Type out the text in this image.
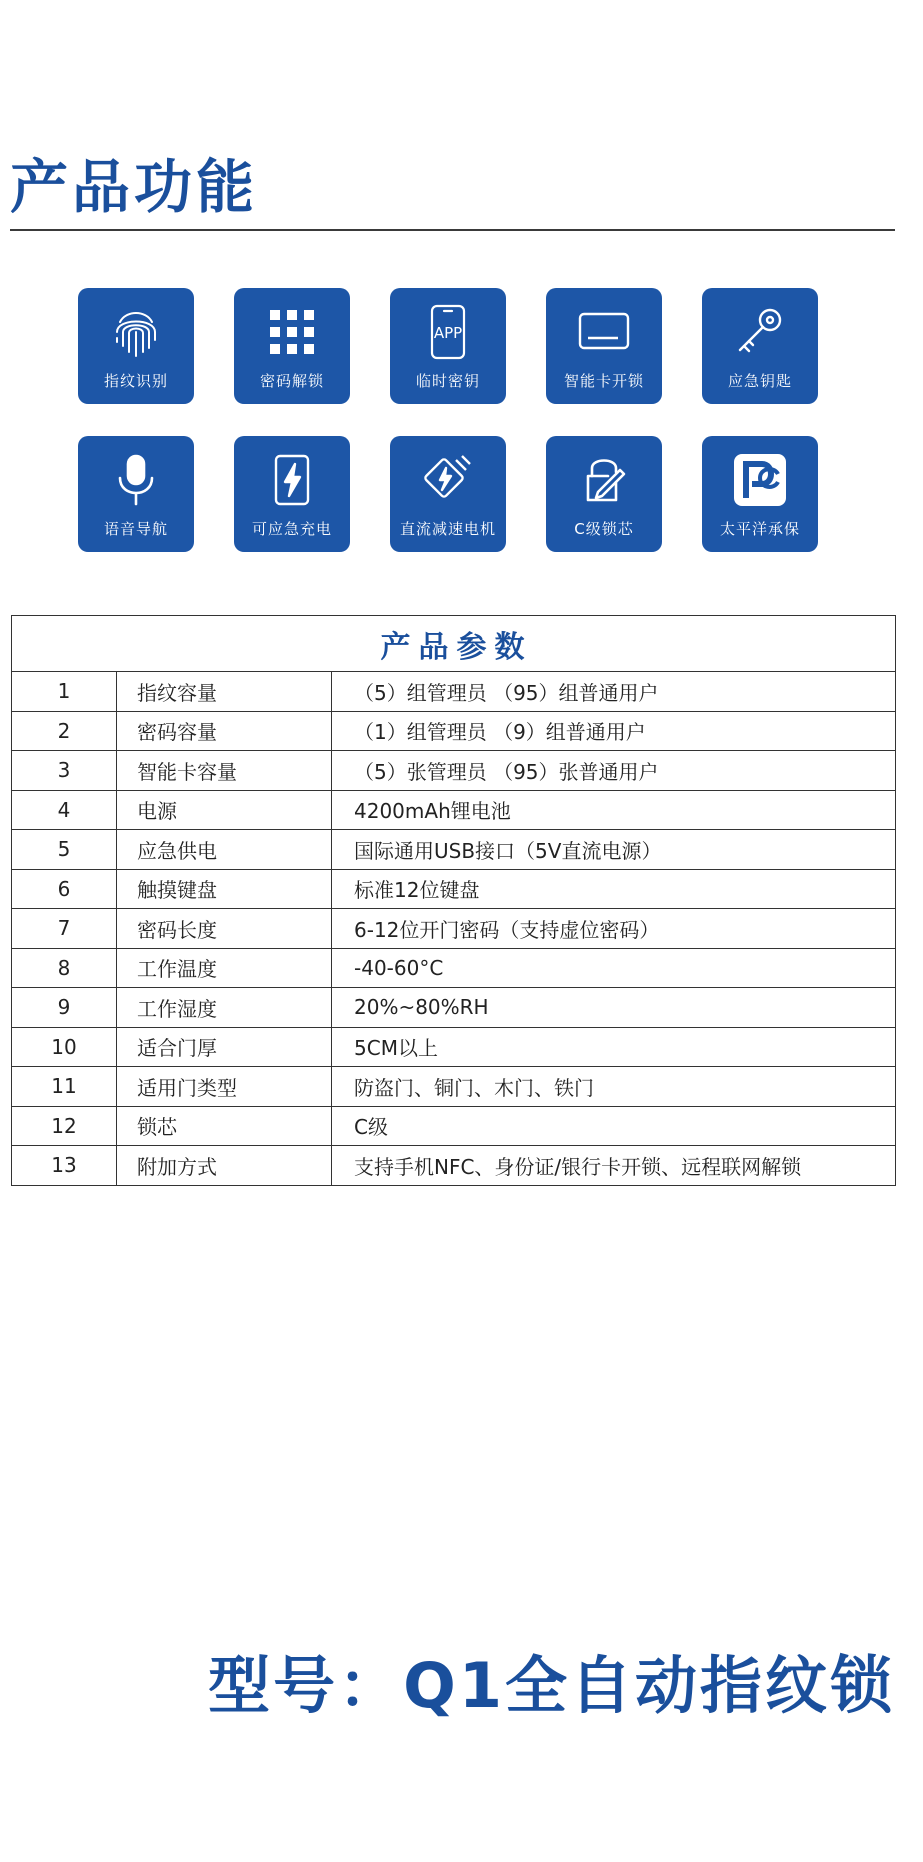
产品功能
指纹识别	密码解锁
APP
临时密钥	智能卡开锁	应急钥匙
语音导航	可应急充电	直流减速电机	C级锁芯	太平洋承保
产品参数		
1	指纹容量	（5）组管理员 （95）组普通用户
2	密码容量	（1）组管理员 （9）组普通用户
3	智能卡容量	（5）张管理员 （95）张普通用户
4	电源	4200mAh锂电池
5	应急供电	国际通用USB接口（5V直流电源）
6	触摸键盘	标准12位键盘
7	密码长度	6-12位开门密码（支持虚位密码）
8	工作温度	-40-60°C
9	工作湿度	20%~80%RH
10	适合门厚	5CM以上
11	适用门类型	防盗门、铜门、木门、铁门
12	锁芯	C级
13	附加方式	支持手机NFC、身份证/银行卡开锁、远程联网解锁
型号：Q1全自动指纹锁
